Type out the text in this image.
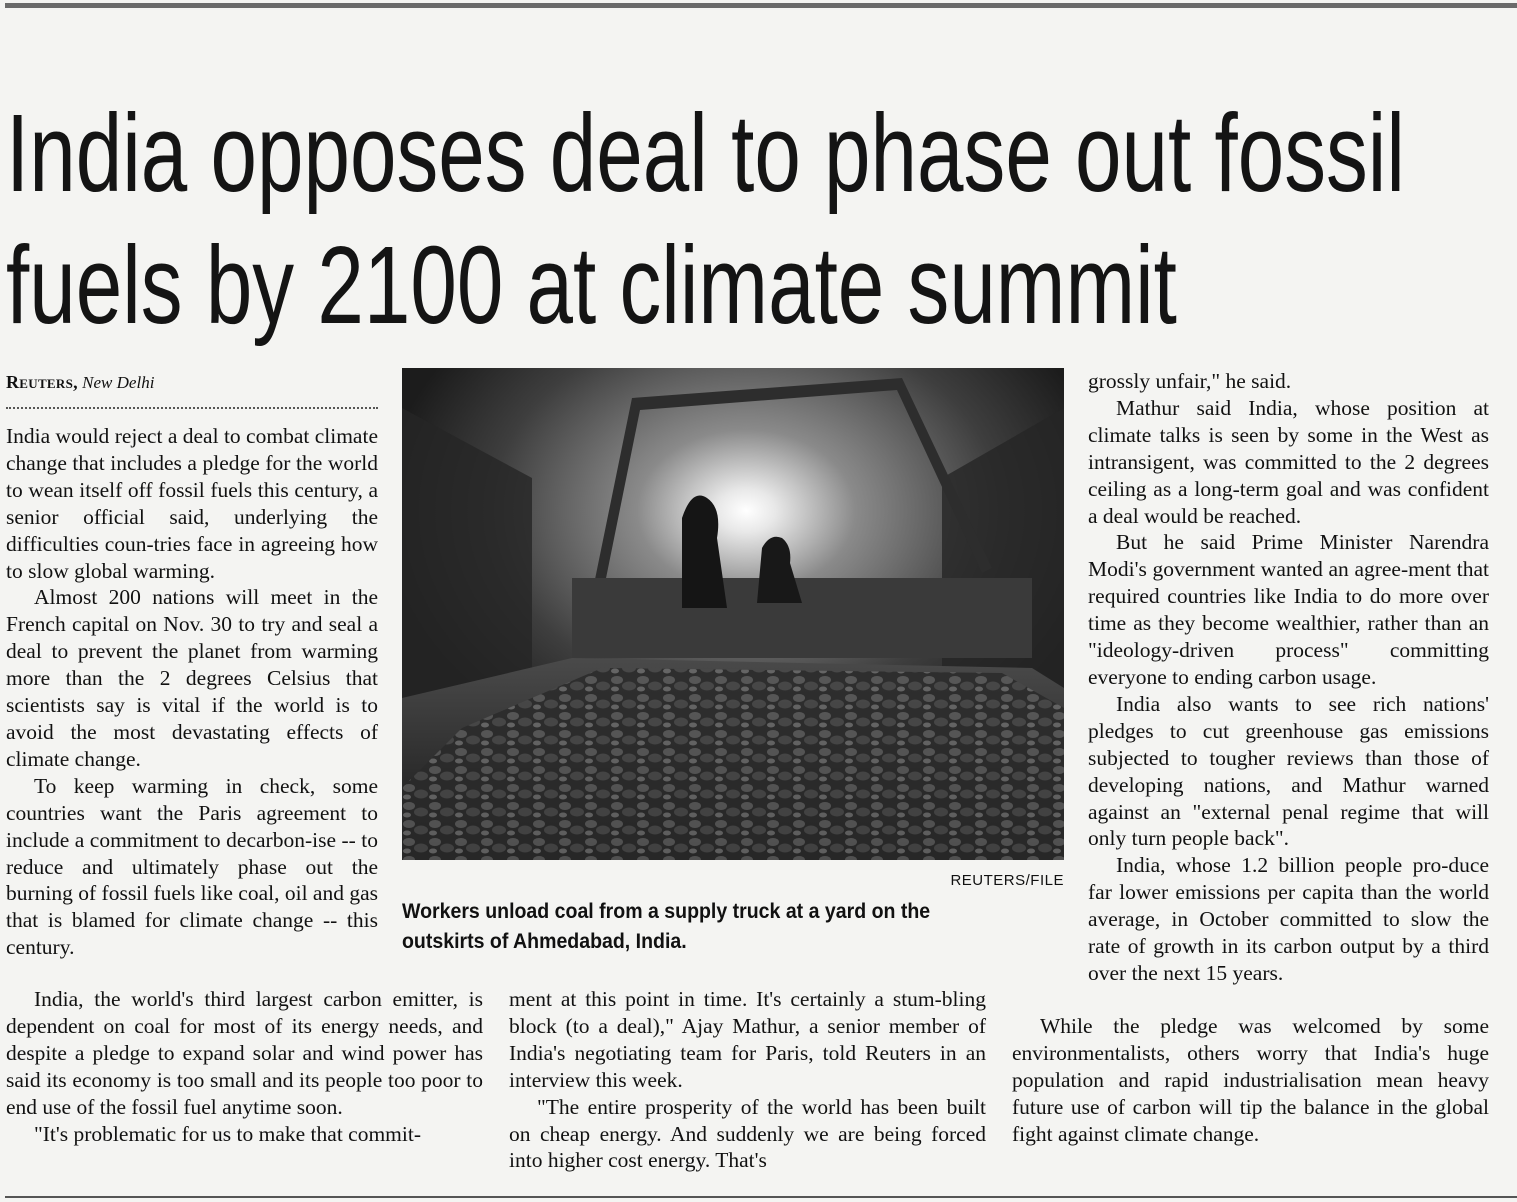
India opposes deal to phase out fossil
fuels by 2100 at climate summit
Reuters, New Delhi

India would reject a deal to combat climate change that includes a pledge for the world to wean itself off fossil fuels this century, a senior official said, underlying the difficulties coun-tries face in agreeing how to slow global warming.

Almost 200 nations will meet in the French capital on Nov. 30 to try and seal a deal to prevent the planet from warming more than the 2 degrees Celsius that scientists say is vital if the world is to avoid the most devastating effects of climate change.

To keep warming in check, some countries want the Paris agreement to include a commitment to decarbon-ise -- to reduce and ultimately phase out the burning of fossil fuels like coal, oil and gas that is blamed for climate change -- this century.

India, the world's third largest carbon emitter, is dependent on coal for most of its energy needs, and despite a pledge to expand solar and wind power has said its economy is too small and its people too poor to end use of the fossil fuel anytime soon.

"It's problematic for us to make that commit-

REUTERS/FILE
Workers unload coal from a supply truck at a yard on the outskirts of Ahmedabad, India.

ment at this point in time. It's certainly a stum-bling block (to a deal)," Ajay Mathur, a senior member of India's negotiating team for Paris, told Reuters in an interview this week.

"The entire prosperity of the world has been built on cheap energy. And suddenly we are being forced into higher cost energy. That's

grossly unfair," he said.

Mathur said India, whose position at climate talks is seen by some in the West as intransigent, was committed to the 2 degrees ceiling as a long-term goal and was confident a deal would be reached.

But he said Prime Minister Narendra Modi's government wanted an agree-ment that required countries like India to do more over time as they become wealthier, rather than an "ideology-driven process" committing everyone to ending carbon usage.

India also wants to see rich nations' pledges to cut greenhouse gas emissions subjected to tougher reviews than those of developing nations, and Mathur warned against an "external penal regime that will only turn people back".

India, whose 1.2 billion people pro-duce far lower emissions per capita than the world average, in October committed to slow the rate of growth in its carbon output by a third over the next 15 years.

While the pledge was welcomed by some environmentalists, others worry that India's huge population and rapid industrialisation mean heavy future use of carbon will tip the balance in the global fight against climate change.
